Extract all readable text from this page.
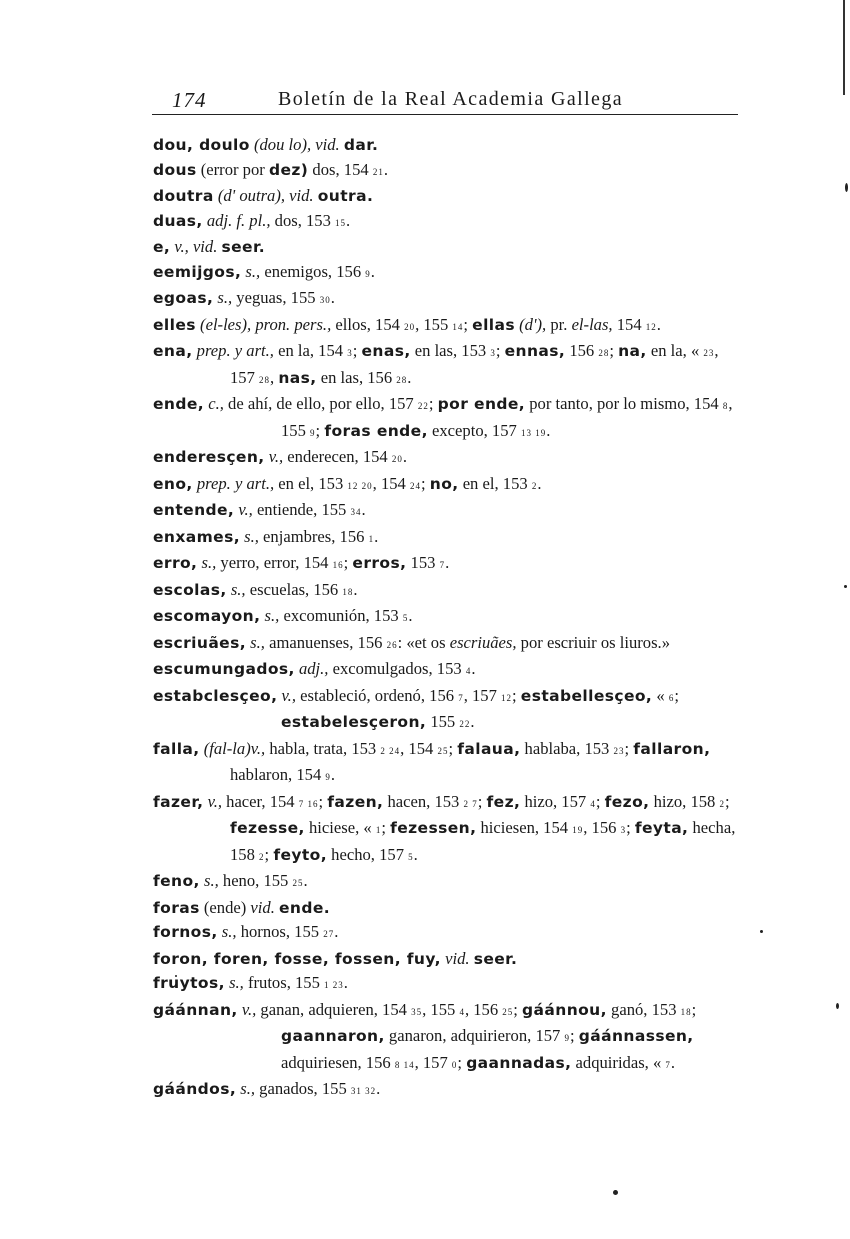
174	Boletín de la Real Academia Gallega

dou, doulo (dou lo), vid. dar.

dous (error por dez) dos, 154 21.

doutra (d' outra), vid. outra.

duas, adj. f. pl., dos, 153 15.

e, v., vid. seer.

eemijgos, s., enemigos, 156 9.

egoas, s., yeguas, 155 30.

elles (el-les), pron. pers., ellos, 154 20, 155 14; ellas (d'), pr. el-las, 154 12.

ena, prep. y art., en la, 154 3; enas, en las, 153 3; ennas, 156 28; na, en la, « 23, 157 28, nas, en las, 156 28.

ende, c., de ahí, de ello, por ello, 157 22; por ende, por tanto, por lo mismo, 154 8, 155 9; foras ende, excepto, 157 13 19.

enderesçen, v., enderecen, 154 20.

eno, prep. y art., en el, 153 12 20, 154 24; no, en el, 153 2.

entende, v., entiende, 155 34.

enxames, s., enjambres, 156 1.

erro, s., yerro, error, 154 16; erros, 153 7.

escolas, s., escuelas, 156 18.

escomayon, s., excomunión, 153 5.

escriuães, s., amanuenses, 156 26: «et os escriuães, por escriuir os liuros.»

escumungados, adj., excomulgados, 153 4.

estabclesçeo, v., estableció, ordenó, 156 7, 157 12; estabellesçeo, « 6; estabelesçeron, 155 22.

falla, (fal-la)v., habla, trata, 153 2 24, 154 25; falaua, hablaba, 153 23; fallaron, hablaron, 154 9.

fazer, v., hacer, 154 7 16; fazen, hacen, 153 2 7; fez, hizo, 157 4; fezo, hizo, 158 2; fezesse, hiciese, « 1; fezessen, hiciesen, 154 19, 156 3; feyta, hecha, 158 2; feyto, hecho, 157 5.

feno, s., heno, 155 25.

foras (ende) vid. ende.

fornos, s., hornos, 155 27.

foron, foren, fosse, fossen, fuy, vid. seer.

fruytos, s., frutos, 155 1 23.

gáánnan, v., ganan, adquieren, 154 35, 155 4, 156 25; gáánnou, ganó, 153 18; gaannaron, ganaron, adquirieron, 157 9; gáánnassen, adquiriesen, 156 8 14, 157 0; gaannadas, adquiridas, « 7.

gáándos, s., ganados, 155 31 32.
